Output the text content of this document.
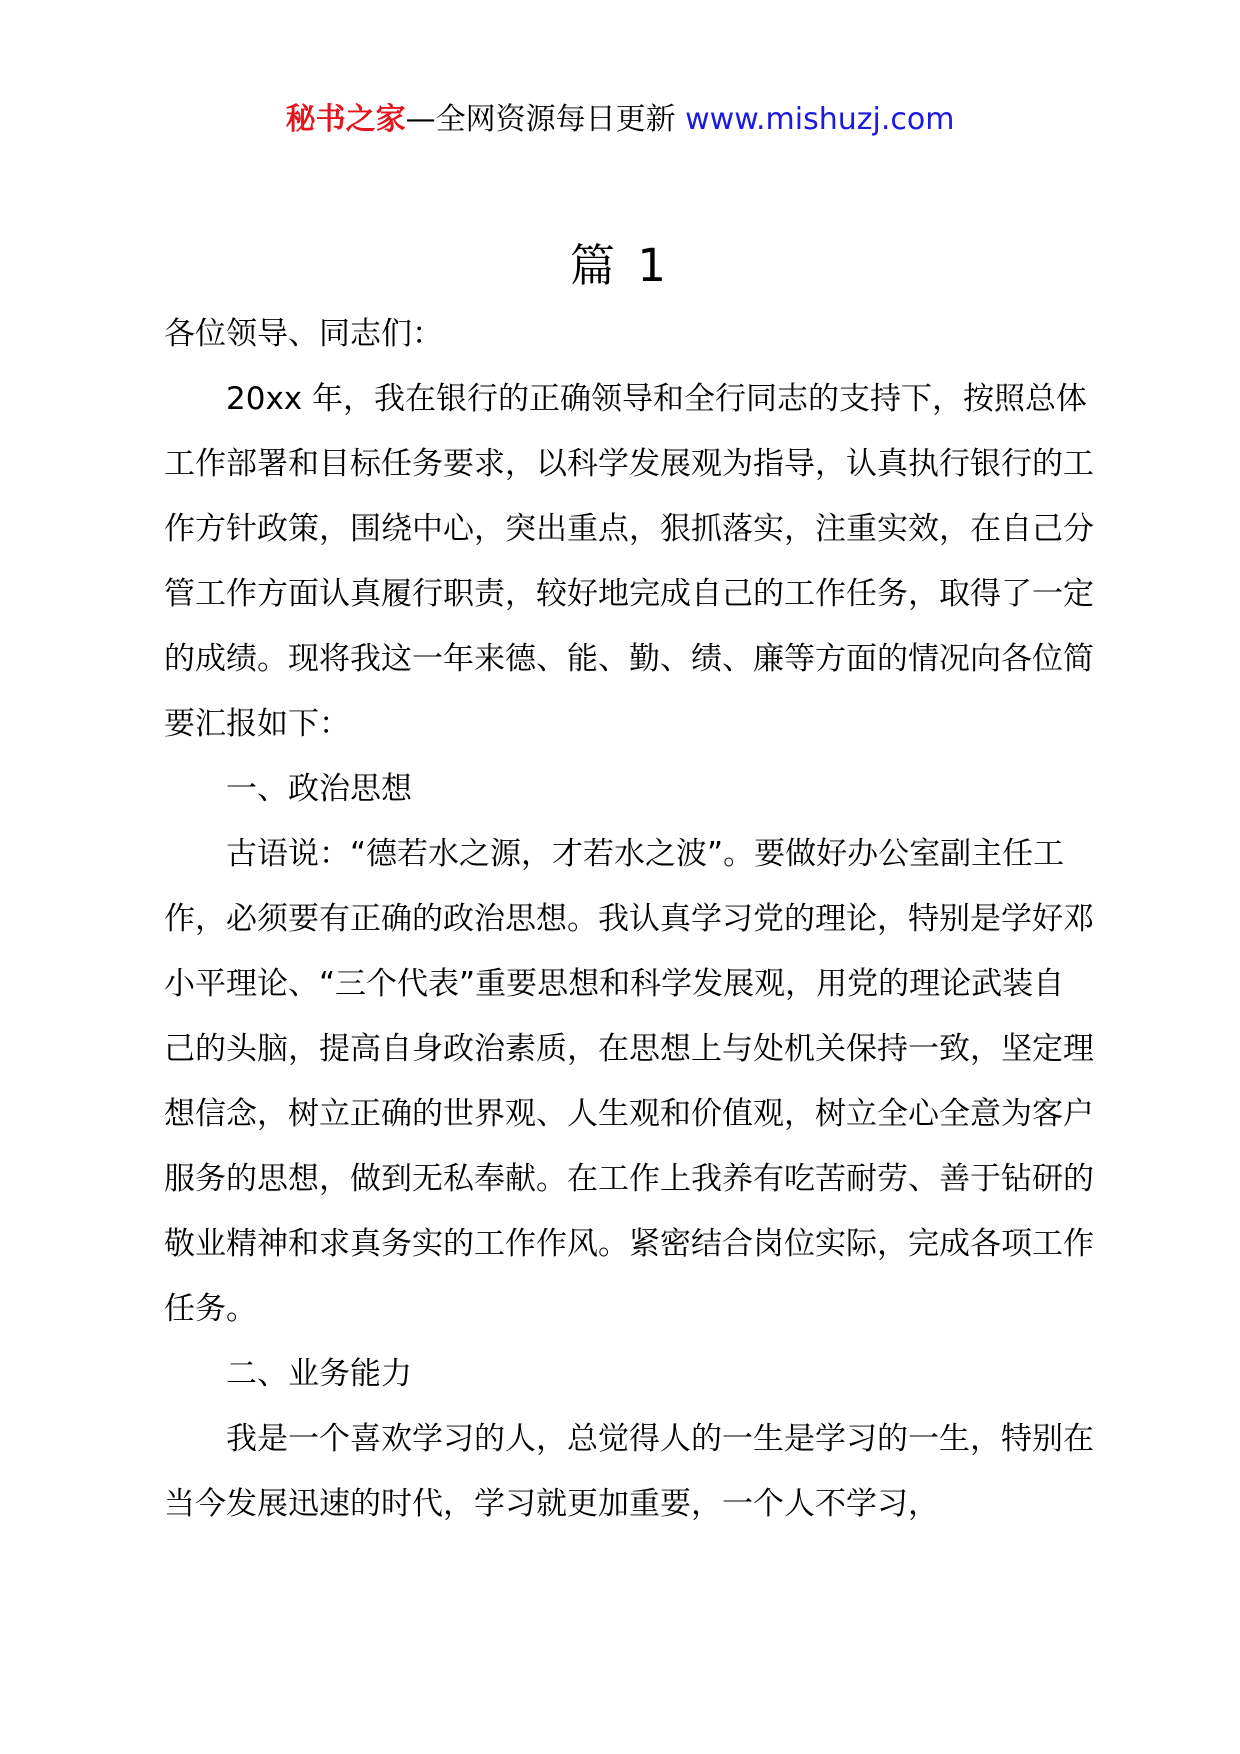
秘书之家—全网资源每日更新 www.mishuzj.com
篇 1

各位领导、同志们：

20xx 年，我在银行的正确领导和全行同志的支持下，按照总体工作部署和目标任务要求，以科学发展观为指导，认真执行银行的工作方针政策，围绕中心，突出重点，狠抓落实，注重实效，在自己分管工作方面认真履行职责，较好地完成自己的工作任务，取得了一定的成绩。现将我这一年来德、能、勤、绩、廉等方面的情况向各位简要汇报如下：

一、政治思想

古语说：“德若水之源，才若水之波”。要做好办公室副主任工作，必须要有正确的政治思想。我认真学习党的理论，特别是学好邓小平理论、“三个代表”重要思想和科学发展观，用党的理论武装自己的头脑，提高自身政治素质，在思想上与处机关保持一致，坚定理想信念，树立正确的世界观、人生观和价值观，树立全心全意为客户服务的思想，做到无私奉献。在工作上我养有吃苦耐劳、善于钻研的敬业精神和求真务实的工作作风。紧密结合岗位实际，完成各项工作任务。

二、业务能力

我是一个喜欢学习的人，总觉得人的一生是学习的一生，特别在当今发展迅速的时代，学习就更加重要，一个人不学习，
